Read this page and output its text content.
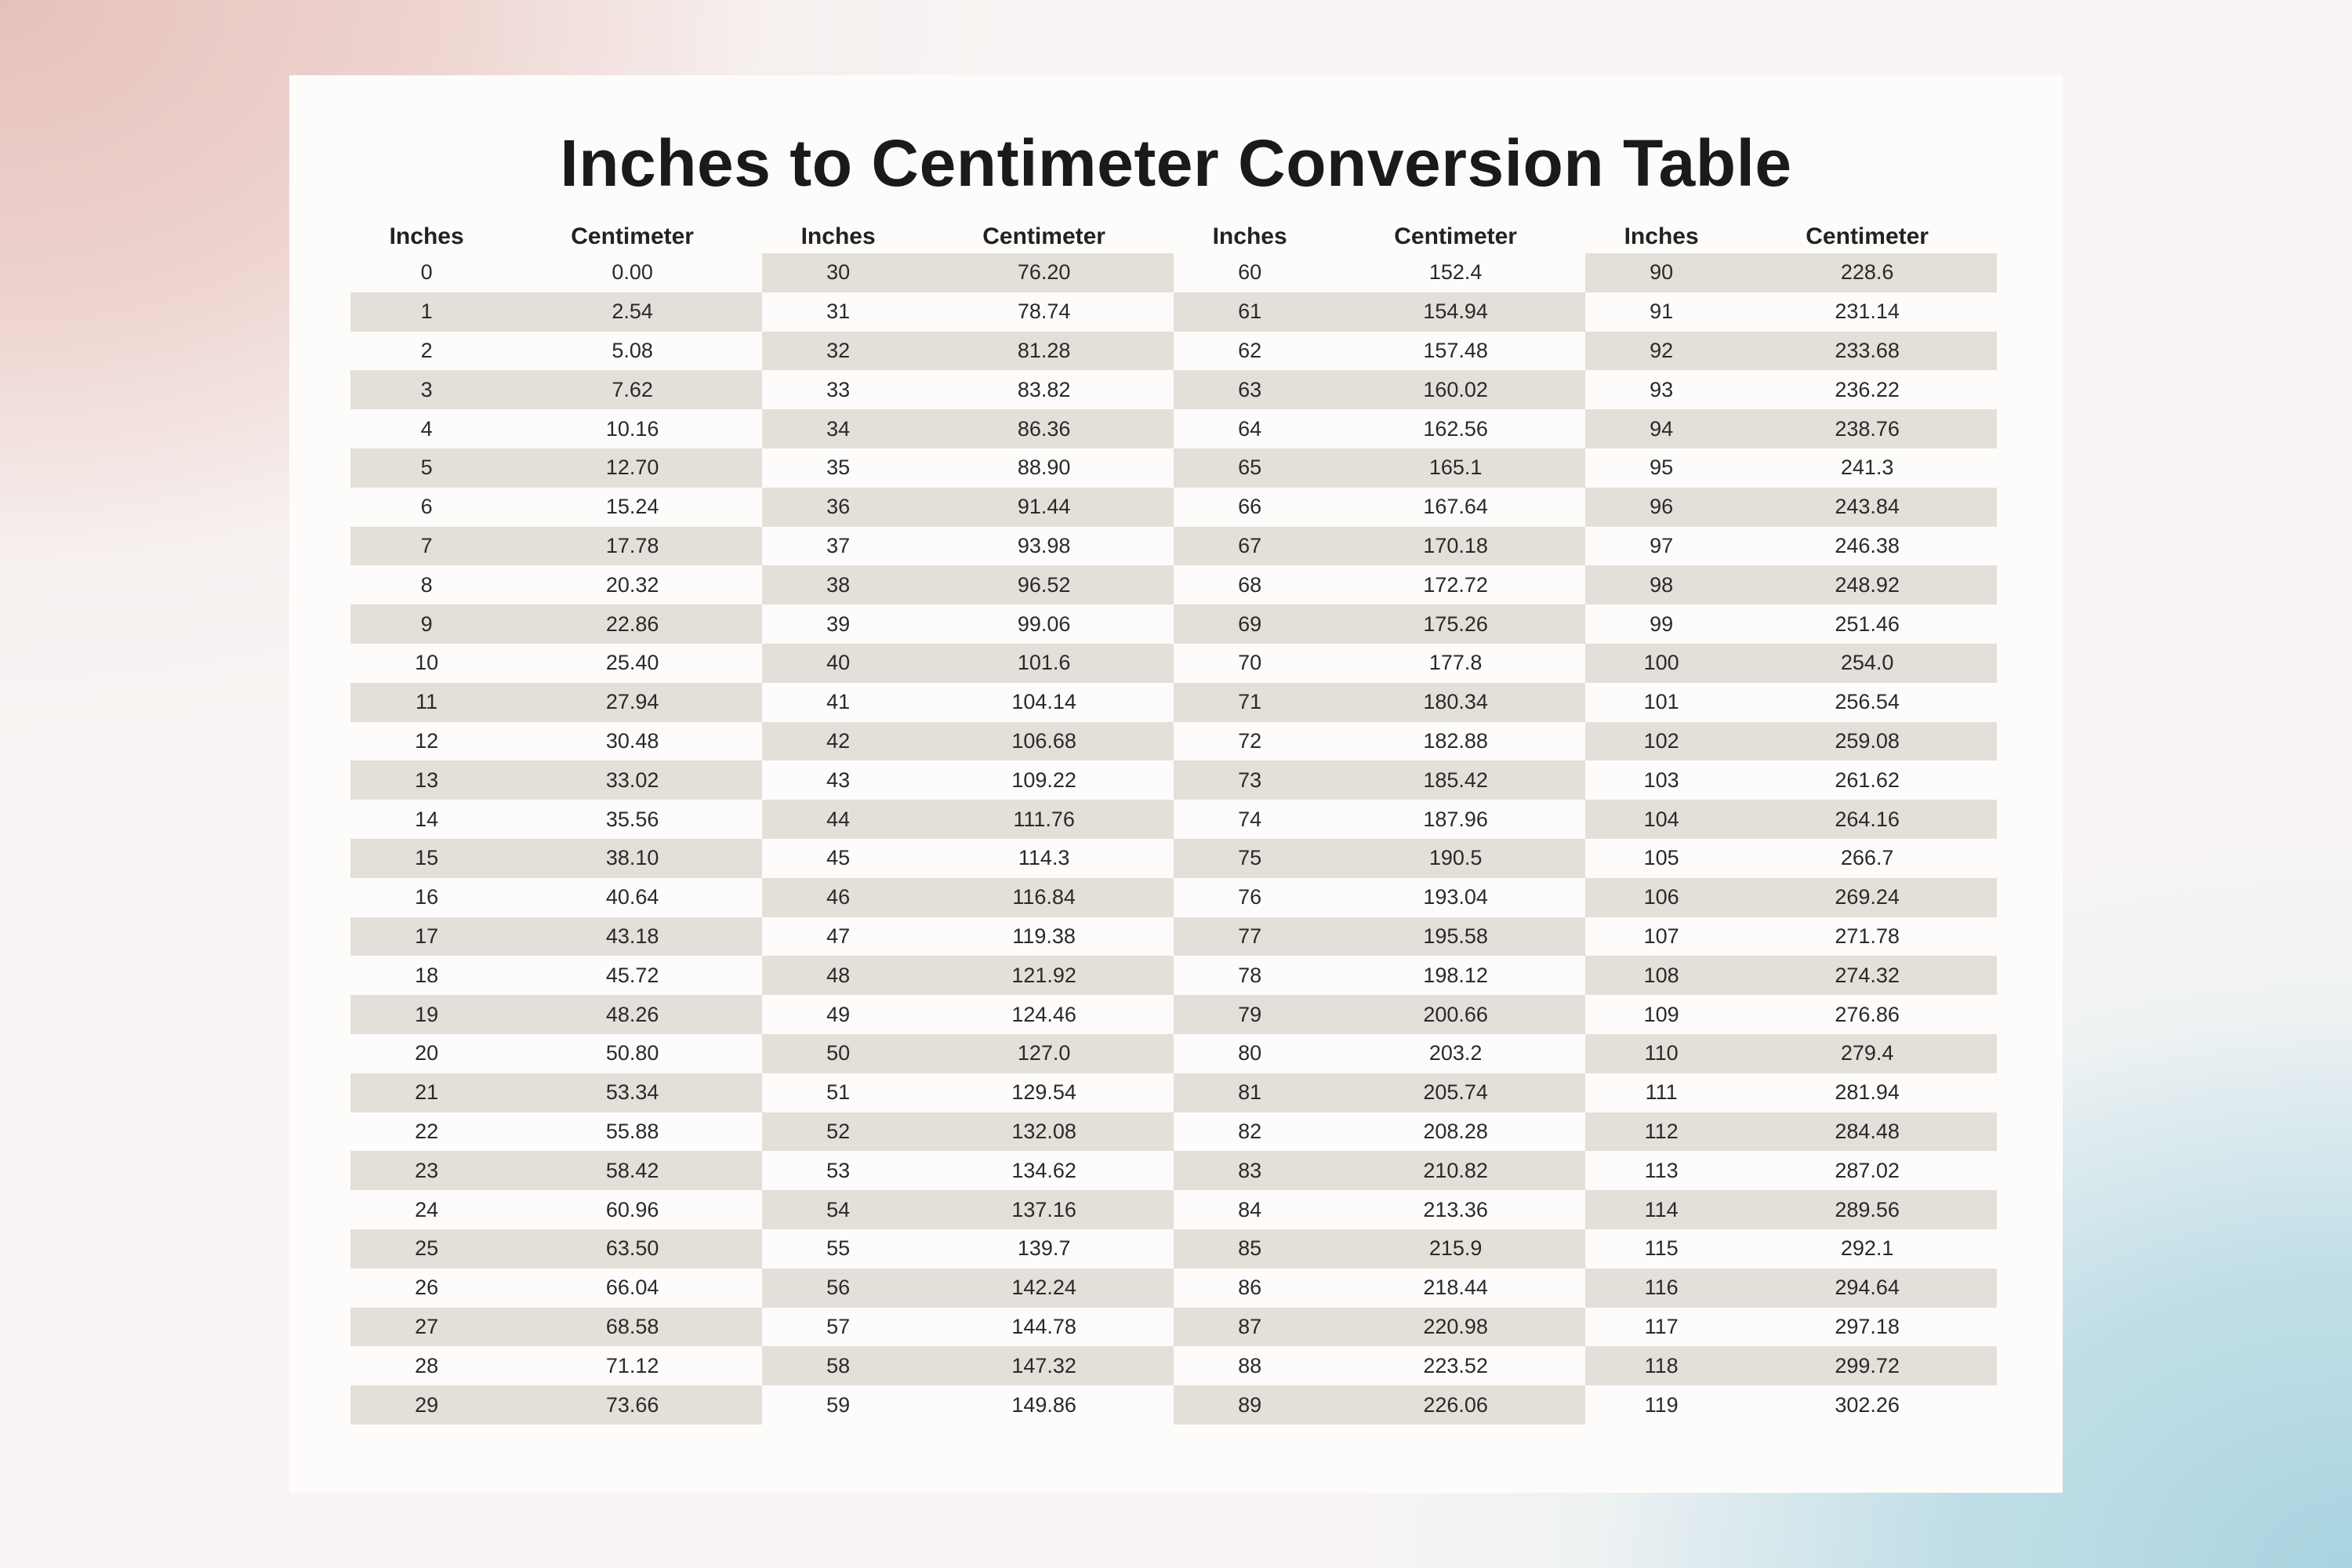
Inches to Centimeter Conversion Table
Inches	Centimeter
0	0.00
1	2.54
2	5.08
3	7.62
4	10.16
5	12.70
6	15.24
7	17.78
8	20.32
9	22.86
10	25.40
11	27.94
12	30.48
13	33.02
14	35.56
15	38.10
16	40.64
17	43.18
18	45.72
19	48.26
20	50.80
21	53.34
22	55.88
23	58.42
24	60.96
25	63.50
26	66.04
27	68.58
28	71.12
29	73.66
Inches	Centimeter
30	76.20
31	78.74
32	81.28
33	83.82
34	86.36
35	88.90
36	91.44
37	93.98
38	96.52
39	99.06
40	101.6
41	104.14
42	106.68
43	109.22
44	111.76
45	114.3
46	116.84
47	119.38
48	121.92
49	124.46
50	127.0
51	129.54
52	132.08
53	134.62
54	137.16
55	139.7
56	142.24
57	144.78
58	147.32
59	149.86
Inches	Centimeter
60	152.4
61	154.94
62	157.48
63	160.02
64	162.56
65	165.1
66	167.64
67	170.18
68	172.72
69	175.26
70	177.8
71	180.34
72	182.88
73	185.42
74	187.96
75	190.5
76	193.04
77	195.58
78	198.12
79	200.66
80	203.2
81	205.74
82	208.28
83	210.82
84	213.36
85	215.9
86	218.44
87	220.98
88	223.52
89	226.06
Inches	Centimeter
90	228.6
91	231.14
92	233.68
93	236.22
94	238.76
95	241.3
96	243.84
97	246.38
98	248.92
99	251.46
100	254.0
101	256.54
102	259.08
103	261.62
104	264.16
105	266.7
106	269.24
107	271.78
108	274.32
109	276.86
110	279.4
111	281.94
112	284.48
113	287.02
114	289.56
115	292.1
116	294.64
117	297.18
118	299.72
119	302.26
